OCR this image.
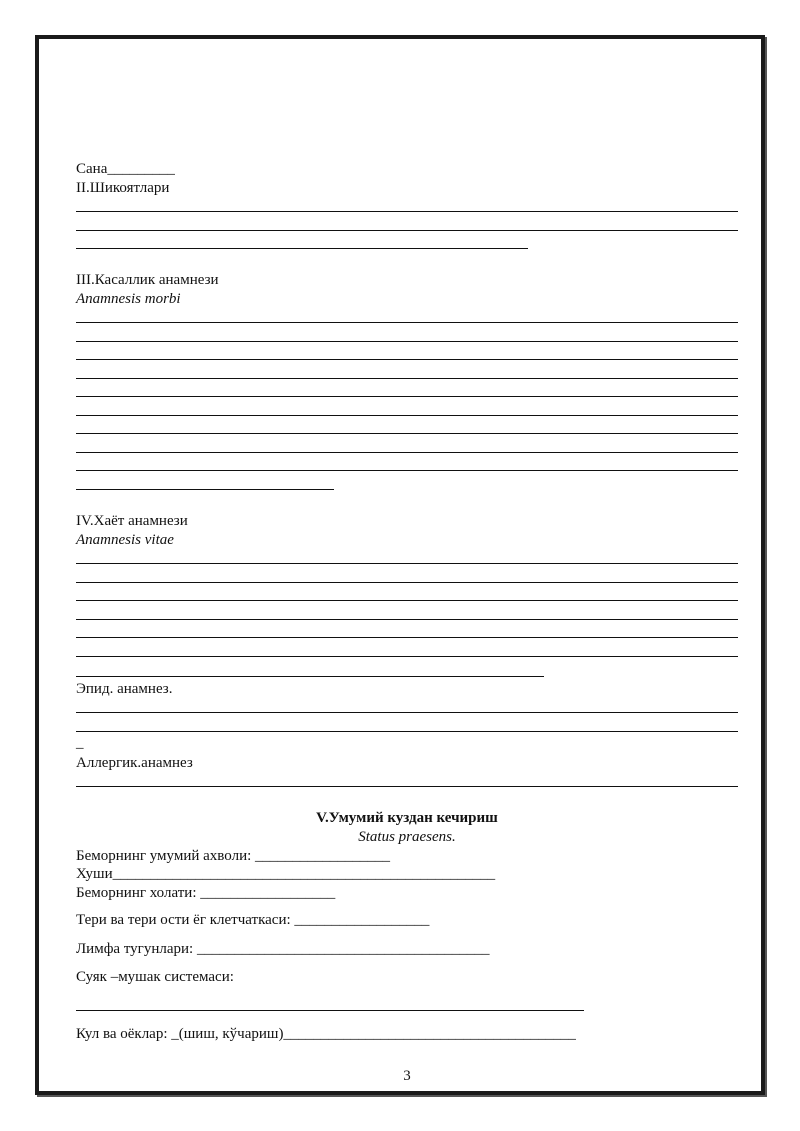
Сана_________
II.Шикоятлари
III.Касаллик анамнези
Anamnesis morbi
IV.Хаёт анамнези
Anamnesis vitae
Эпид. анамнез.
_
Аллергик.анамнез
V.Умумий куздан кечириш
Status praesens.
Беморнинг умумий ахволи: __________________
Хуши___________________________________________________
Беморнинг холати: __________________
Тери ва тери ости ёг клетчаткаси: __________________
Лимфа тугунлари: _______________________________________
Суяк –мушак системаси:
Кул ва оёклар: _(шиш, кўчариш)_______________________________________
3
